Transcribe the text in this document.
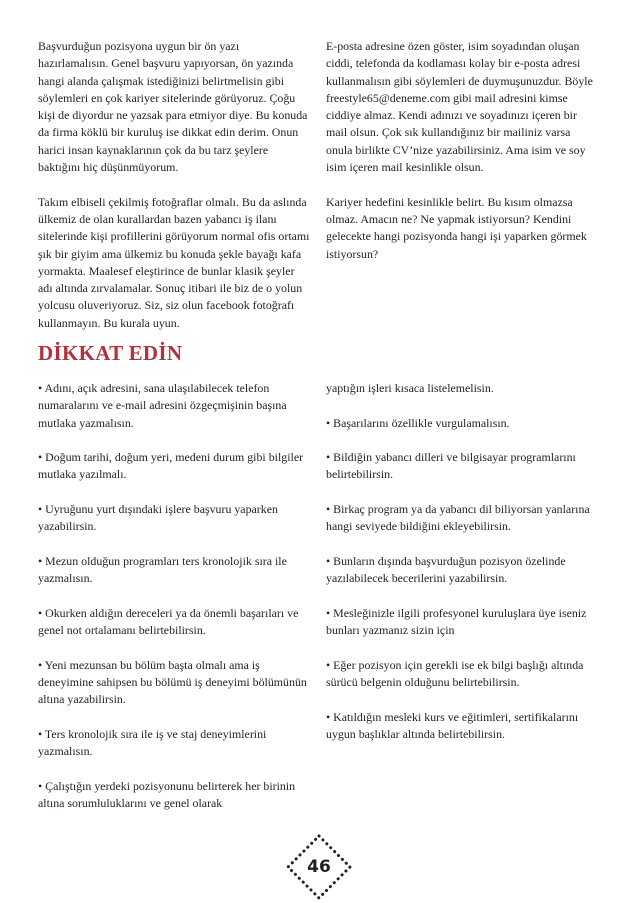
Başvurduğun pozisyona uygun bir ön yazı hazırlamalısın. Genel başvuru yapıyorsan, ön yazında hangi alanda çalışmak istediğinizi belirtmelisin gibi söylemleri en çok kariyer sitelerinde görüyoruz. Çoğu kişi de diyordur ne yazsak para etmiyor diye. Bu konuda da firma köklü bir kuruluş ise dikkat edin derim. Onun harici insan kaynaklarının çok da bu tarz şeylere baktığını hiç düşünmüyorum.

Takım elbiseli çekilmiş fotoğraflar olmalı. Bu da aslında ülkemiz de olan kurallardan bazen yabancı iş ilanı sitelerinde kişi profillerini görüyorum normal ofis ortamı şık bir giyim ama ülkemiz bu konuda şekle bayağı kafa yormakta. Maalesef eleştirince de bunlar klasik şeyler adı altında zırvalamalar. Sonuç itibari ile biz de o yolun yolcusu oluveriyoruz. Siz, siz olun facebook fotoğrafı kullanmayın. Bu kurala uyun.

E-posta adresine özen göster, isim soyadından oluşan ciddi, telefonda da kodlaması kolay bir e-posta adresi kullanmalısın gibi söylemleri de duymuşunuzdur. Böyle freestyle65@deneme.com gibi mail adresini kimse ciddiye almaz. Kendi adınızı ve soyadınızı içeren bir mail olsun. Çok sık kullandığınız bir mailiniz varsa onula birlikte CV’nize yazabilirsiniz. Ama isim ve soy isim içeren mail kesinlikle olsun.

Kariyer hedefini kesinlikle belirt. Bu kısım olmazsa olmaz. Amacın ne? Ne yapmak istiyorsun? Kendini gelecekte hangi pozisyonda hangi işi yaparken görmek istiyorsun?

DİKKAT EDİN

• Adını, açık adresini, sana ulaşılabilecek telefon numaralarını ve e-mail adresini özgeçmişinin başına mutlaka yazmalısın.

• Doğum tarihi, doğum yeri, medeni durum gibi bilgiler mutlaka yazılmalı.

• Uyruğunu yurt dışındaki işlere başvuru yaparken yazabilirsin.

• Mezun olduğun programları ters kronolojik sıra ile yazmalısın.

• Okurken aldığın dereceleri ya da önemli başarıları ve genel not ortalamanı belirtebilirsin.

• Yeni mezunsan bu bölüm başta olmalı ama iş deneyimine sahipsen bu bölümü iş deneyimi bölümünün altına yazabilirsin.

• Ters kronolojik sıra ile iş ve staj deneyimlerini yazmalısın.

• Çalıştığın yerdeki pozisyonunu belirterek her birinin altına sorumluluklarını ve genel olarak

yaptığın işleri kısaca listelemelisin.

• Başarılarını özellikle vurgulamalısın.

• Bildiğin yabancı dilleri ve bilgisayar programlarını belirtebilirsin.

• Birkaç program ya da yabancı dil biliyorsan yanlarına hangi seviyede bildiğini ekleyebilirsin.

• Bunların dışında başvurduğun pozisyon özelinde yazılabilecek becerilerini yazabilirsin.

• Mesleğinizle ilgili profesyonel kuruluşlara üye iseniz bunları yazmanız sizin için

• Eğer pozisyon için gerekli ise ek bilgi başlığı altında sürücü belgenin olduğunu belirtebilirsin.

• Katıldığın mesleki kurs ve eğitimleri, sertifikalarını uygun başlıklar altında belirtebilirsin.

46
